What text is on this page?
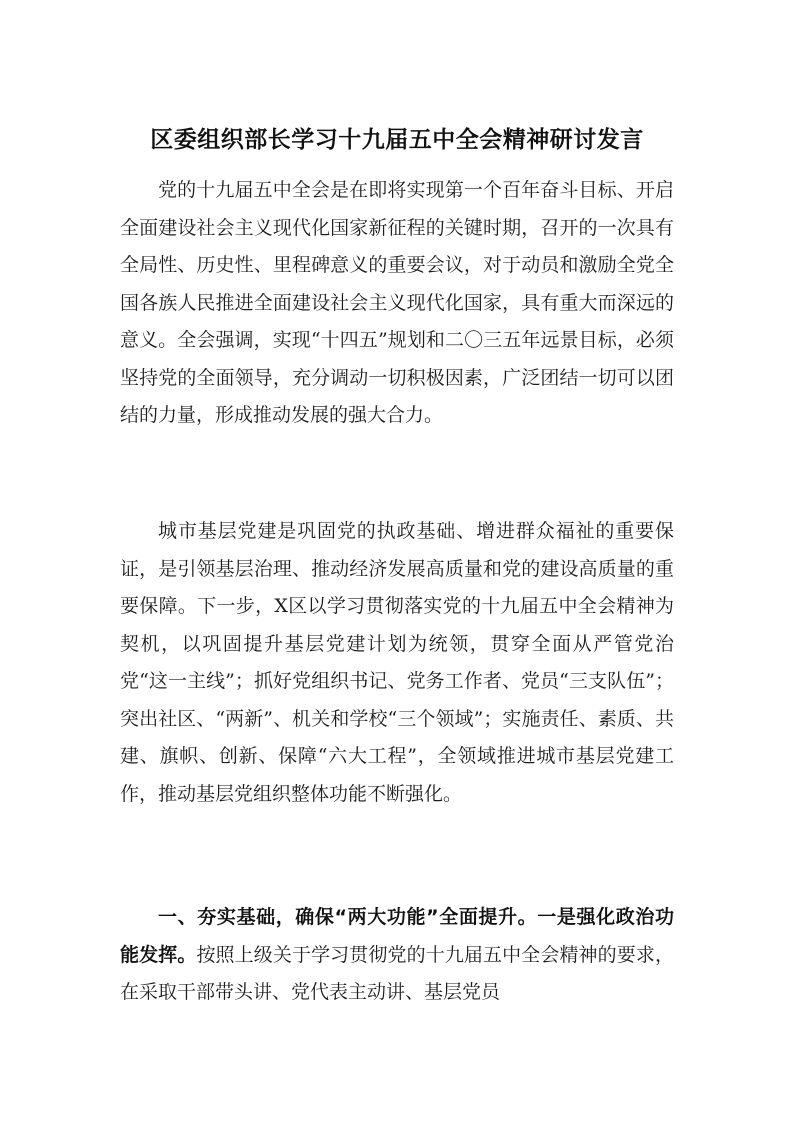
区委组织部长学习十九届五中全会精神研讨发言

党的十九届五中全会是在即将实现第一个百年奋斗目标、开启全面建设社会主义现代化国家新征程的关键时期，召开的一次具有全局性、历史性、里程碑意义的重要会议，对于动员和激励全党全国各族人民推进全面建设社会主义现代化国家，具有重大而深远的意义。全会强调，实现“十四五”规划和二〇三五年远景目标，必须坚持党的全面领导，充分调动一切积极因素，广泛团结一切可以团结的力量，形成推动发展的强大合力。

城市基层党建是巩固党的执政基础、增进群众福祉的重要保证，是引领基层治理、推动经济发展高质量和党的建设高质量的重要保障。下一步，X区以学习贯彻落实党的十九届五中全会精神为契机，以巩固提升基层党建计划为统领，贯穿全面从严管党治党“这一主线”；抓好党组织书记、党务工作者、党员“三支队伍”；突出社区、“两新”、机关和学校“三个领域”；实施责任、素质、共建、旗帜、创新、保障“六大工程”，全领域推进城市基层党建工作，推动基层党组织整体功能不断强化。

一、夯实基础，确保“两大功能”全面提升。一是强化政治功能发挥。按照上级关于学习贯彻党的十九届五中全会精神的要求，在采取干部带头讲、党代表主动讲、基层党员
